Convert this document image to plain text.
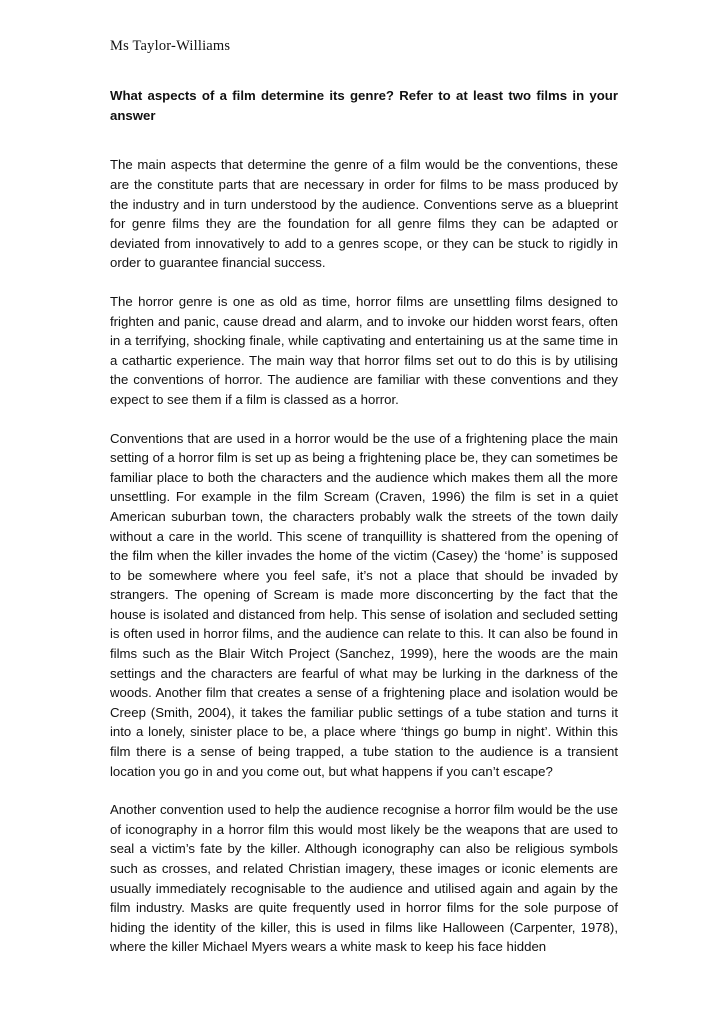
Ms Taylor-Williams

What aspects of a film determine its genre? Refer to at least two films in your answer

The main aspects that determine the genre of a film would be the conventions, these are the constitute parts that are necessary in order for films to be mass produced by the industry and in turn understood by the audience. Conventions serve as a blueprint for genre films they are the foundation for all genre films they can be adapted or deviated from innovatively to add to a genres scope, or they can be stuck to rigidly in order to guarantee financial success.

The horror genre is one as old as time, horror films are unsettling films designed to frighten and panic, cause dread and alarm, and to invoke our hidden worst fears, often in a terrifying, shocking finale, while captivating and entertaining us at the same time in a cathartic experience. The main way that horror films set out to do this is by utilising the conventions of horror. The audience are familiar with these conventions and they expect to see them if a film is classed as a horror.

Conventions that are used in a horror would be the use of a frightening place the main setting of a horror film is set up as being a frightening place be, they can sometimes be familiar place to both the characters and the audience which makes them all the more unsettling. For example in the film Scream (Craven, 1996) the film is set in a quiet American suburban town, the characters probably walk the streets of the town daily without a care in the world. This scene of tranquillity is shattered from the opening of the film when the killer invades the home of the victim (Casey) the ‘home’ is supposed to be somewhere where you feel safe, it’s not a place that should be invaded by strangers. The opening of Scream is made more disconcerting by the fact that the house is isolated and distanced from help. This sense of isolation and secluded setting is often used in horror films, and the audience can relate to this. It can also be found in films such as the Blair Witch Project (Sanchez, 1999), here the woods are the main settings and the characters are fearful of what may be lurking in the darkness of the woods. Another film that creates a sense of a frightening place and isolation would be Creep (Smith, 2004), it takes the familiar public settings of a tube station and turns it into a lonely, sinister place to be, a place where ‘things go bump in night’. Within this film there is a sense of being trapped, a tube station to the audience is a transient location you go in and you come out, but what happens if you can’t escape?

Another convention used to help the audience recognise a horror film would be the use of iconography in a horror film this would most likely be the weapons that are used to seal a victim’s fate by the killer. Although iconography can also be religious symbols such as crosses, and related Christian imagery, these images or iconic elements are usually immediately recognisable to the audience and utilised again and again by the film industry. Masks are quite frequently used in horror films for the sole purpose of hiding the identity of the killer, this is used in films like Halloween (Carpenter, 1978), where the killer Michael Myers wears a white mask to keep his face hidden
